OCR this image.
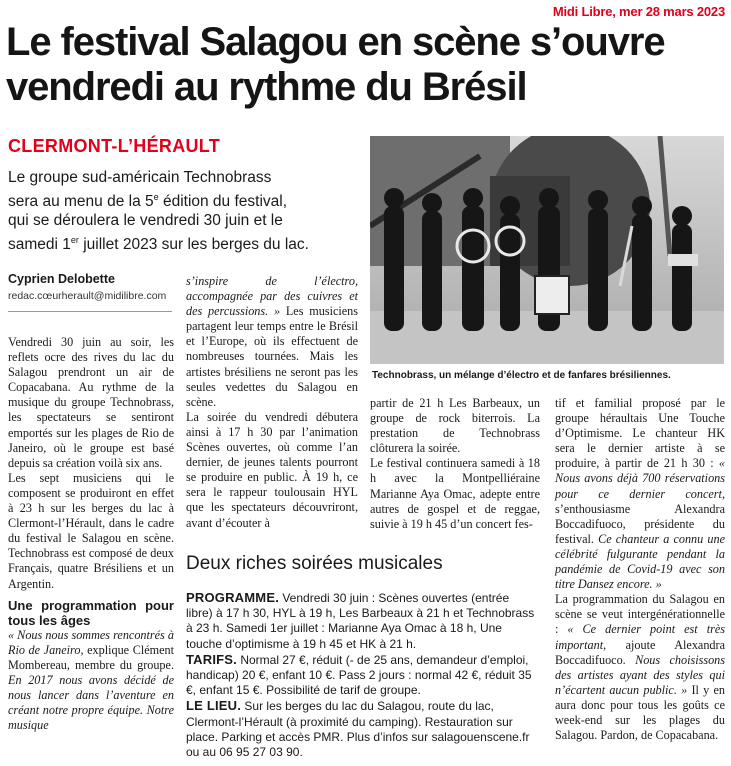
Midi Libre, mer 28 mars 2023
Le festival Salagou en scène s’ouvre
vendredi au rythme du Brésil
CLERMONT-L’HÉRAULT
Le groupe sud-américain Technobrass
sera au menu de la 5e édition du festival,
qui se déroulera le vendredi 30 juin et le
samedi 1er juillet 2023 sur les berges du lac.
Cyprien Delobette
redac.cœurherault@midilibre.com

Vendredi 30 juin au soir, les reflets ocre des rives du lac du Salagou prendront un air de Copacabana. Au rythme de la musique du groupe Technobrass, les spectateurs se sentiront emportés sur les plages de Rio de Janeiro, où le groupe est basé depuis sa création voilà six ans.

Les sept musiciens qui le composent se produiront en effet à 23 h sur les berges du lac à Clermont-l’Hérault, dans le cadre du festival le Salagou en scène. Technobrass est composé de deux Français, quatre Brésiliens et un Argentin.

Une programmation pour tous les âges

« Nous nous sommes rencontrés à Rio de Janeiro, explique Clément Mombereau, membre du groupe. En 2017 nous avons décidé de nous lancer dans l’aventure en créant notre propre équipe. Notre musique

s’inspire de l’électro, accompagnée par des cuivres et des percussions. » Les musiciens partagent leur temps entre le Brésil et l’Europe, où ils effectuent de nombreuses tournées. Mais les artistes brésiliens ne seront pas les seules vedettes du Salagou en scène.

La soirée du vendredi débutera ainsi à 17 h 30 par l’animation Scènes ouvertes, où comme l’an dernier, de jeunes talents pourront se produire en public. À 19 h, ce sera le rappeur toulousain HYL que les spectateurs découvriront, avant d’écouter à

Technobrass, un mélange d’électro et de fanfares brésiliennes.

partir de 21 h Les Barbeaux, un groupe de rock biterrois. La prestation de Technobrass clôturera la soirée.

Le festival continuera samedi à 18 h avec la Montpelliéraine Marianne Aya Omac, adepte entre autres de gospel et de reggae, suivie à 19 h 45 d’un concert fes-

tif et familial proposé par le groupe héraultais Une Touche d’Optimisme. Le chanteur HK sera le dernier artiste à se produire, à partir de 21 h 30 : « Nous avons déjà 700 réservations pour ce dernier concert, s’enthousiasme Alexandra Boccadifuoco, présidente du festival. Ce chanteur a connu une célébrité fulgurante pendant la pandémie de Covid-19 avec son titre Dansez encore. »

La programmation du Salagou en scène se veut intergénérationnelle : « Ce dernier point est très important, ajoute Alexandra Boccadifuoco. Nous choisissons des artistes ayant des styles qui n’écartent aucun public. » Il y en aura donc pour tous les goûts ce week-end sur les plages du Salagou. Pardon, de Copacabana.

Deux riches soirées musicales

PROGRAMME. Vendredi 30 juin : Scènes ouvertes (entrée libre) à 17 h 30, HYL à 19 h, Les Barbeaux à 21 h et Technobrass à 23 h. Samedi 1er juillet : Marianne Aya Omac à 18 h, Une touche d’optimisme à 19 h 45 et HK à 21 h.

TARIFS. Normal 27 €, réduit (- de 25 ans, demandeur d’emploi, handicap) 20 €, enfant 10 €. Pass 2 jours : normal 42 €, réduit 35 €, enfant 15 €. Possibilité de tarif de groupe.

LE LIEU. Sur les berges du lac du Salagou, route du lac, Clermont-l’Hérault (à proximité du camping). Restauration sur place. Parking et accès PMR. Plus d’infos sur salagouenscene.fr ou au 06 95 27 03 90.
